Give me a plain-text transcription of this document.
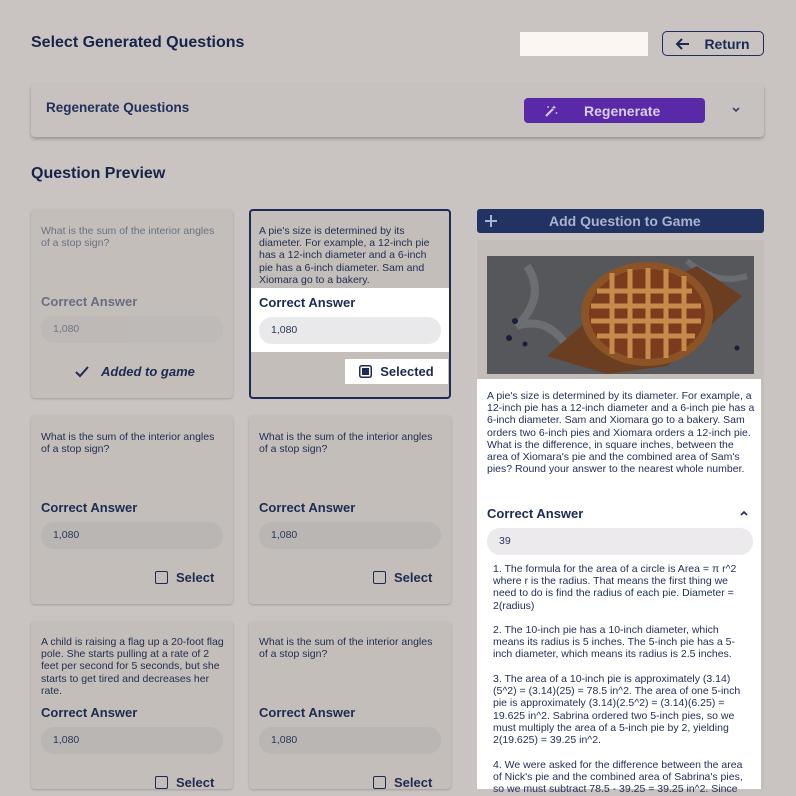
Select Generated Questions	Return
Regenerate Questions	Regenerate
Question Preview
What is the sum of the interior angles of a stop sign?
Correct Answer
1,080
Added to game
A pie's size is determined by its diameter. For example, a 12-inch pie has a 12-inch diameter and a 6-inch pie has a 6-inch diameter. Sam and Xiomara go to a bakery.
Correct Answer
1,080
Selected
What is the sum of the interior angles of a stop sign?
Correct Answer
1,080
Select
What is the sum of the interior angles of a stop sign?
Correct Answer
1,080
Select
A child is raising a flag up a 20-foot flag pole. She starts pulling at a rate of 2 feet per second for 5 seconds, but she starts to get tired and decreases her rate.
Correct Answer
1,080
Select
What is the sum of the interior angles of a stop sign?
Correct Answer
1,080
Select
Add Question to Game
A pie's size is determined by its diameter. For example, a 12-inch pie has a 12-inch diameter and a 6-inch pie has a 6-inch diameter. Sam and Xiomara go to a bakery. Sam orders two 6-inch pies and Xiomara orders a 12-inch pie. What is the difference, in square inches, between the area of Xiomara's pie and the combined area of Sam's pies? Round your answer to the nearest whole number.
Correct Answer
39
1. The formula for the area of a circle is Area = π r^2 where r is the radius. That means the first thing we need to do is find the radius of each pie. Diameter = 2(radius)
2. The 10-inch pie has a 10-inch diameter, which means its radius is 5 inches. The 5-inch pie has a 5-inch diameter, which means its radius is 2.5 inches.
3. The area of a 10-inch pie is approximately (3.14)(5^2) = (3.14)(25) = 78.5 in^2. The area of one 5-inch pie is approximately (3.14)(2.5^2) = (3.14)(6.25) = 19.625 in^2. Sabrina ordered two 5-inch pies, so we must multiply the area of a 5-inch pie by 2, yielding 2(19.625) = 39.25 in^2.
4. We were asked for the difference between the area of Nick's pie and the combined area of Sabrina's pies, so we must subtract 78.5 - 39.25 = 39.25 in^2. Since
